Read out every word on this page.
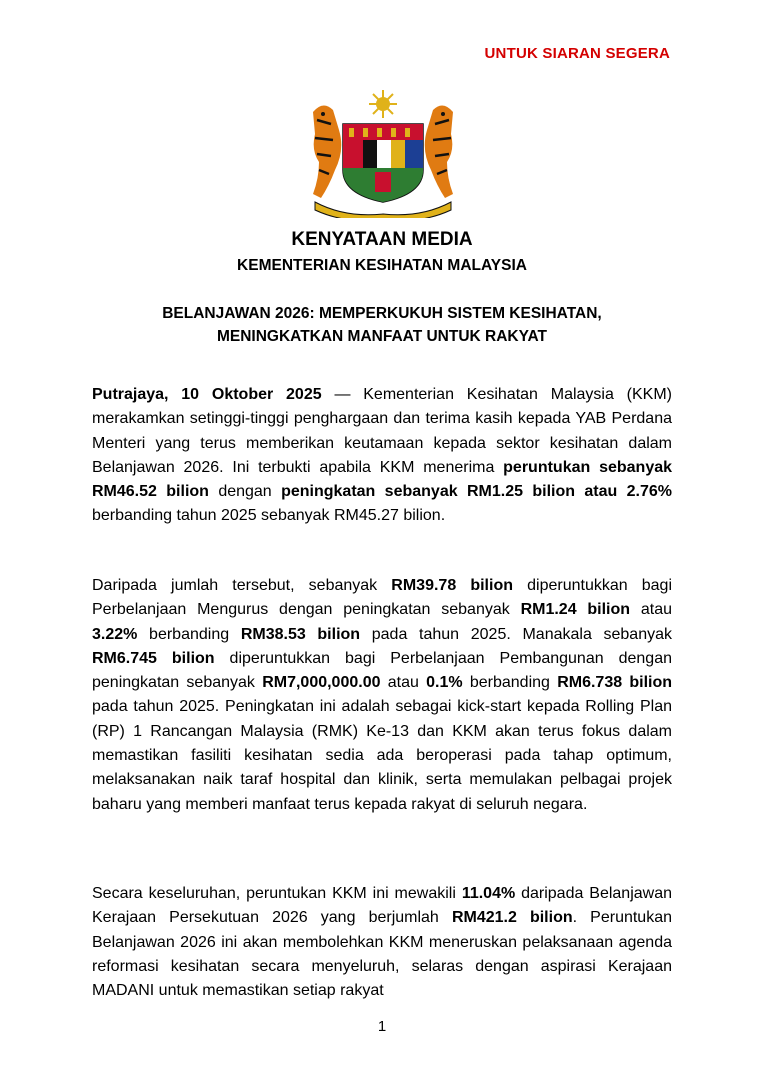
UNTUK SIARAN SEGERA
KENYATAAN MEDIA
KEMENTERIAN KESIHATAN MALAYSIA
BELANJAWAN 2026: MEMPERKUKUH SISTEM KESIHATAN,
MENINGKATKAN MANFAAT UNTUK RAKYAT
Putrajaya, 10 Oktober 2025 — Kementerian Kesihatan Malaysia (KKM) merakamkan setinggi-tinggi penghargaan dan terima kasih kepada YAB Perdana Menteri yang terus memberikan keutamaan kepada sektor kesihatan dalam Belanjawan 2026. Ini terbukti apabila KKM menerima peruntukan sebanyak RM46.52 bilion dengan peningkatan sebanyak RM1.25 bilion atau 2.76% berbanding tahun 2025 sebanyak RM45.27 bilion.
Daripada jumlah tersebut, sebanyak RM39.78 bilion diperuntukkan bagi Perbelanjaan Mengurus dengan peningkatan sebanyak RM1.24 bilion atau 3.22% berbanding RM38.53 bilion pada tahun 2025. Manakala sebanyak RM6.745 bilion diperuntukkan bagi Perbelanjaan Pembangunan dengan peningkatan sebanyak RM7,000,000.00 atau 0.1% berbanding RM6.738 bilion pada tahun 2025. Peningkatan ini adalah sebagai kick-start kepada Rolling Plan (RP) 1 Rancangan Malaysia (RMK) Ke-13 dan KKM akan terus fokus dalam memastikan fasiliti kesihatan sedia ada beroperasi pada tahap optimum, melaksanakan naik taraf hospital dan klinik, serta memulakan pelbagai projek baharu yang memberi manfaat terus kepada rakyat di seluruh negara.
Secara keseluruhan, peruntukan KKM ini mewakili 11.04% daripada Belanjawan Kerajaan Persekutuan 2026 yang berjumlah RM421.2 bilion. Peruntukan Belanjawan 2026 ini akan membolehkan KKM meneruskan pelaksanaan agenda reformasi kesihatan secara menyeluruh, selaras dengan aspirasi Kerajaan MADANI untuk memastikan setiap rakyat
1
